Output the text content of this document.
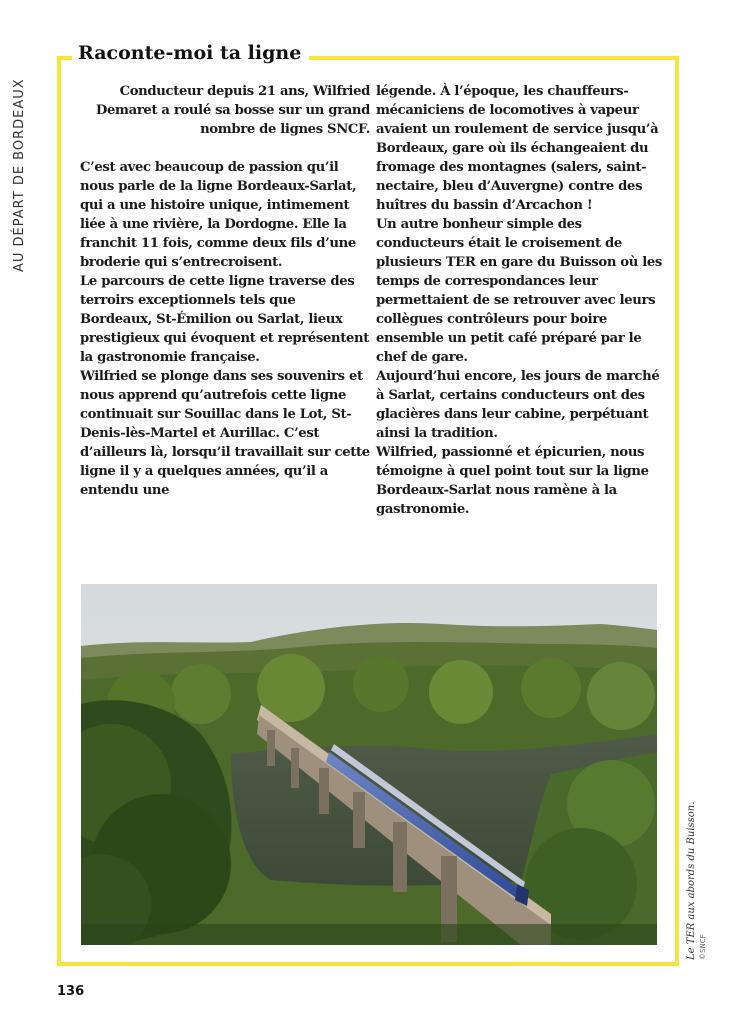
AU DÉPART DE BORDEAUX
Raconte-moi ta ligne

Conducteur depuis 21 ans, Wilfried Demaret a roulé sa bosse sur un grand nombre de lignes SNCF.

C’est avec beaucoup de passion qu’il nous parle de la ligne Bordeaux-Sarlat, qui a une histoire unique, intimement liée à une rivière, la Dordogne. Elle la franchit 11 fois, comme deux fils d’une broderie qui s’entrecroisent.

Le parcours de cette ligne traverse des terroirs exceptionnels tels que Bordeaux, St-Émilion ou Sarlat, lieux prestigieux qui évoquent et représentent la gastronomie française.

Wilfried se plonge dans ses souvenirs et nous apprend qu’autrefois cette ligne continuait sur Souillac dans le Lot, St-Denis-lès-Martel et Aurillac. C’est d’ailleurs là, lorsqu’il travaillait sur cette ligne il y a quelques années, qu’il a entendu une

légende. À l’époque, les chauffeurs-mécaniciens de locomotives à vapeur avaient un roulement de service jusqu’à Bordeaux, gare où ils échangeaient du fromage des montagnes (salers, saint-nectaire, bleu d’Auvergne) contre des huîtres du bassin d’Arcachon !

Un autre bonheur simple des conducteurs était le croisement de plusieurs TER en gare du Buisson où les temps de correspondances leur permettaient de se retrouver avec leurs collègues contrôleurs pour boire ensemble un petit café préparé par le chef de gare.

Aujourd’hui encore, les jours de marché à Sarlat, certains conducteurs ont des glacières dans leur cabine, perpétuant ainsi la tradition.

Wilfried, passionné et épicurien, nous témoigne à quel point tout sur la ligne Bordeaux-Sarlat nous ramène à la gastronomie.

Le TER aux abords du Buisson. ©SNCF
136
